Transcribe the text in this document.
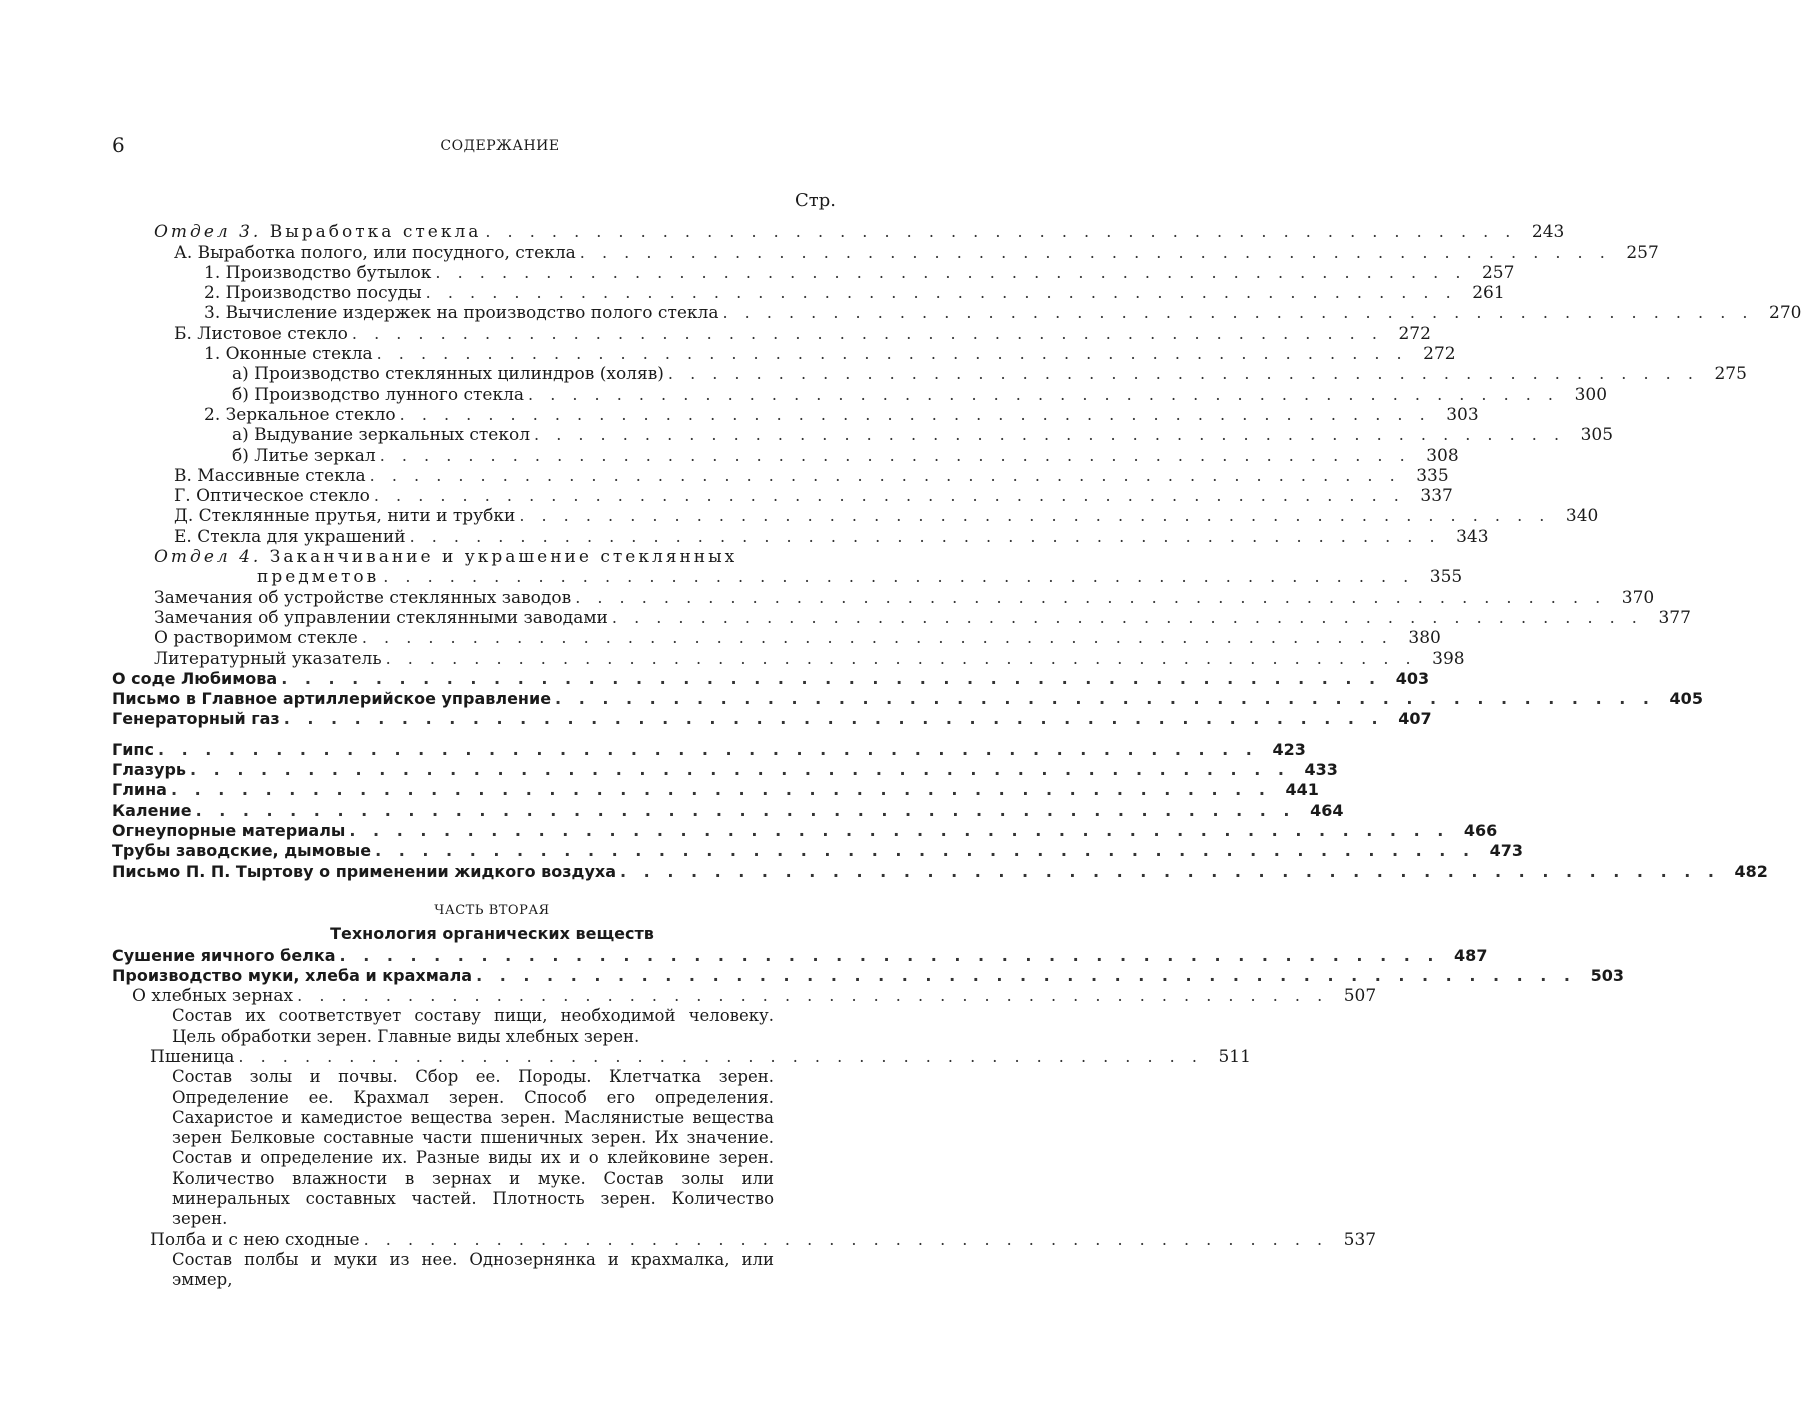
6	СОДЕРЖАНИЕ
Стр.
Отдел 3. Выработка стекла . . . . . . . . . . . . . . . . . . . . . . . . . . . . . . . . . . . . . . . . . . . . . . . 243
А. Выработка полого, или посудного, стекла . . . . . . . . . . . . . . . . . . . . . . . . . . . . . . . . . . . . . . . . . . . . . . . 257
1. Производство бутылок . . . . . . . . . . . . . . . . . . . . . . . . . . . . . . . . . . . . . . . . . . . . . . . 257
2. Производство посуды . . . . . . . . . . . . . . . . . . . . . . . . . . . . . . . . . . . . . . . . . . . . . . . 261
3. Вычисление издержек на производство полого стекла . . . . . . . . . . . . . . . . . . . . . . . . . . . . . . . . . . . . . . . . . . . . . . . 270
Б. Листовое стекло . . . . . . . . . . . . . . . . . . . . . . . . . . . . . . . . . . . . . . . . . . . . . . . 272
1. Оконные стекла . . . . . . . . . . . . . . . . . . . . . . . . . . . . . . . . . . . . . . . . . . . . . . . 272
а) Производство стеклянных цилиндров (холяв) . . . . . . . . . . . . . . . . . . . . . . . . . . . . . . . . . . . . . . . . . . . . . . . 275
б) Производство лунного стекла . . . . . . . . . . . . . . . . . . . . . . . . . . . . . . . . . . . . . . . . . . . . . . . 300
2. Зеркальное стекло . . . . . . . . . . . . . . . . . . . . . . . . . . . . . . . . . . . . . . . . . . . . . . . 303
а) Выдувание зеркальных стекол . . . . . . . . . . . . . . . . . . . . . . . . . . . . . . . . . . . . . . . . . . . . . . . 305
б) Литье зеркал . . . . . . . . . . . . . . . . . . . . . . . . . . . . . . . . . . . . . . . . . . . . . . . 308
В. Массивные стекла . . . . . . . . . . . . . . . . . . . . . . . . . . . . . . . . . . . . . . . . . . . . . . . 335
Г. Оптическое стекло . . . . . . . . . . . . . . . . . . . . . . . . . . . . . . . . . . . . . . . . . . . . . . . 337
Д. Стеклянные прутья, нити и трубки . . . . . . . . . . . . . . . . . . . . . . . . . . . . . . . . . . . . . . . . . . . . . . . 340
Е. Стекла для украшений . . . . . . . . . . . . . . . . . . . . . . . . . . . . . . . . . . . . . . . . . . . . . . . 343
Отдел 4. Заканчивание и украшение стеклянных
предметов . . . . . . . . . . . . . . . . . . . . . . . . . . . . . . . . . . . . . . . . . . . . . . . 355
Замечания об устройстве стеклянных заводов . . . . . . . . . . . . . . . . . . . . . . . . . . . . . . . . . . . . . . . . . . . . . . . 370
Замечания об управлении стеклянными заводами . . . . . . . . . . . . . . . . . . . . . . . . . . . . . . . . . . . . . . . . . . . . . . . 377
О растворимом стекле . . . . . . . . . . . . . . . . . . . . . . . . . . . . . . . . . . . . . . . . . . . . . . . 380
Литературный указатель . . . . . . . . . . . . . . . . . . . . . . . . . . . . . . . . . . . . . . . . . . . . . . . 398
О соде Любимова . . . . . . . . . . . . . . . . . . . . . . . . . . . . . . . . . . . . . . . . . . . . . . . 403
Письмо в Главное артиллерийское управление . . . . . . . . . . . . . . . . . . . . . . . . . . . . . . . . . . . . . . . . . . . . . . . 405
Генераторный газ . . . . . . . . . . . . . . . . . . . . . . . . . . . . . . . . . . . . . . . . . . . . . . . 407
Гипс . . . . . . . . . . . . . . . . . . . . . . . . . . . . . . . . . . . . . . . . . . . . . . . 423
Глазурь . . . . . . . . . . . . . . . . . . . . . . . . . . . . . . . . . . . . . . . . . . . . . . . 433
Глина . . . . . . . . . . . . . . . . . . . . . . . . . . . . . . . . . . . . . . . . . . . . . . . 441
Каление . . . . . . . . . . . . . . . . . . . . . . . . . . . . . . . . . . . . . . . . . . . . . . . 464
Огнеупорные материалы . . . . . . . . . . . . . . . . . . . . . . . . . . . . . . . . . . . . . . . . . . . . . . . 466
Трубы заводские, дымовые . . . . . . . . . . . . . . . . . . . . . . . . . . . . . . . . . . . . . . . . . . . . . . . 473
Письмо П. П. Тыртову о применении жидкого воздуха . . . . . . . . . . . . . . . . . . . . . . . . . . . . . . . . . . . . . . . . . . . . . . . 482
ЧАСТЬ ВТОРАЯ
Технология органических веществ
Сушение яичного белка . . . . . . . . . . . . . . . . . . . . . . . . . . . . . . . . . . . . . . . . . . . . . . . 487
Производство муки, хлеба и крахмала . . . . . . . . . . . . . . . . . . . . . . . . . . . . . . . . . . . . . . . . . . . . . . . 503
О хлебных зернах . . . . . . . . . . . . . . . . . . . . . . . . . . . . . . . . . . . . . . . . . . . . . . . 507
Состав их соответствует составу пищи, необходимой человеку. Цель обработки зерен. Главные виды хлебных зерен.
Пшеница . . . . . . . . . . . . . . . . . . . . . . . . . . . . . . . . . . . . . . . . . . . . 511
Состав золы и почвы. Сбор ее. Породы. Клетчатка зерен. Определение ее. Крахмал зерен. Способ его определения. Сахаристое и камедистое вещества зерен. Маслянистые вещества зерен Белковые составные части пшеничных зерен. Их значение. Состав и определение их. Разные виды их и о клейковине зерен. Количество влажности в зернах и муке. Состав золы или минеральных составных частей. Плотность зерен. Количество зерен.
Полба и с нею сходные . . . . . . . . . . . . . . . . . . . . . . . . . . . . . . . . . . . . . . . . . . . . 537
Состав полбы и муки из нее. Однозернянка и крахмалка, или эммер,
